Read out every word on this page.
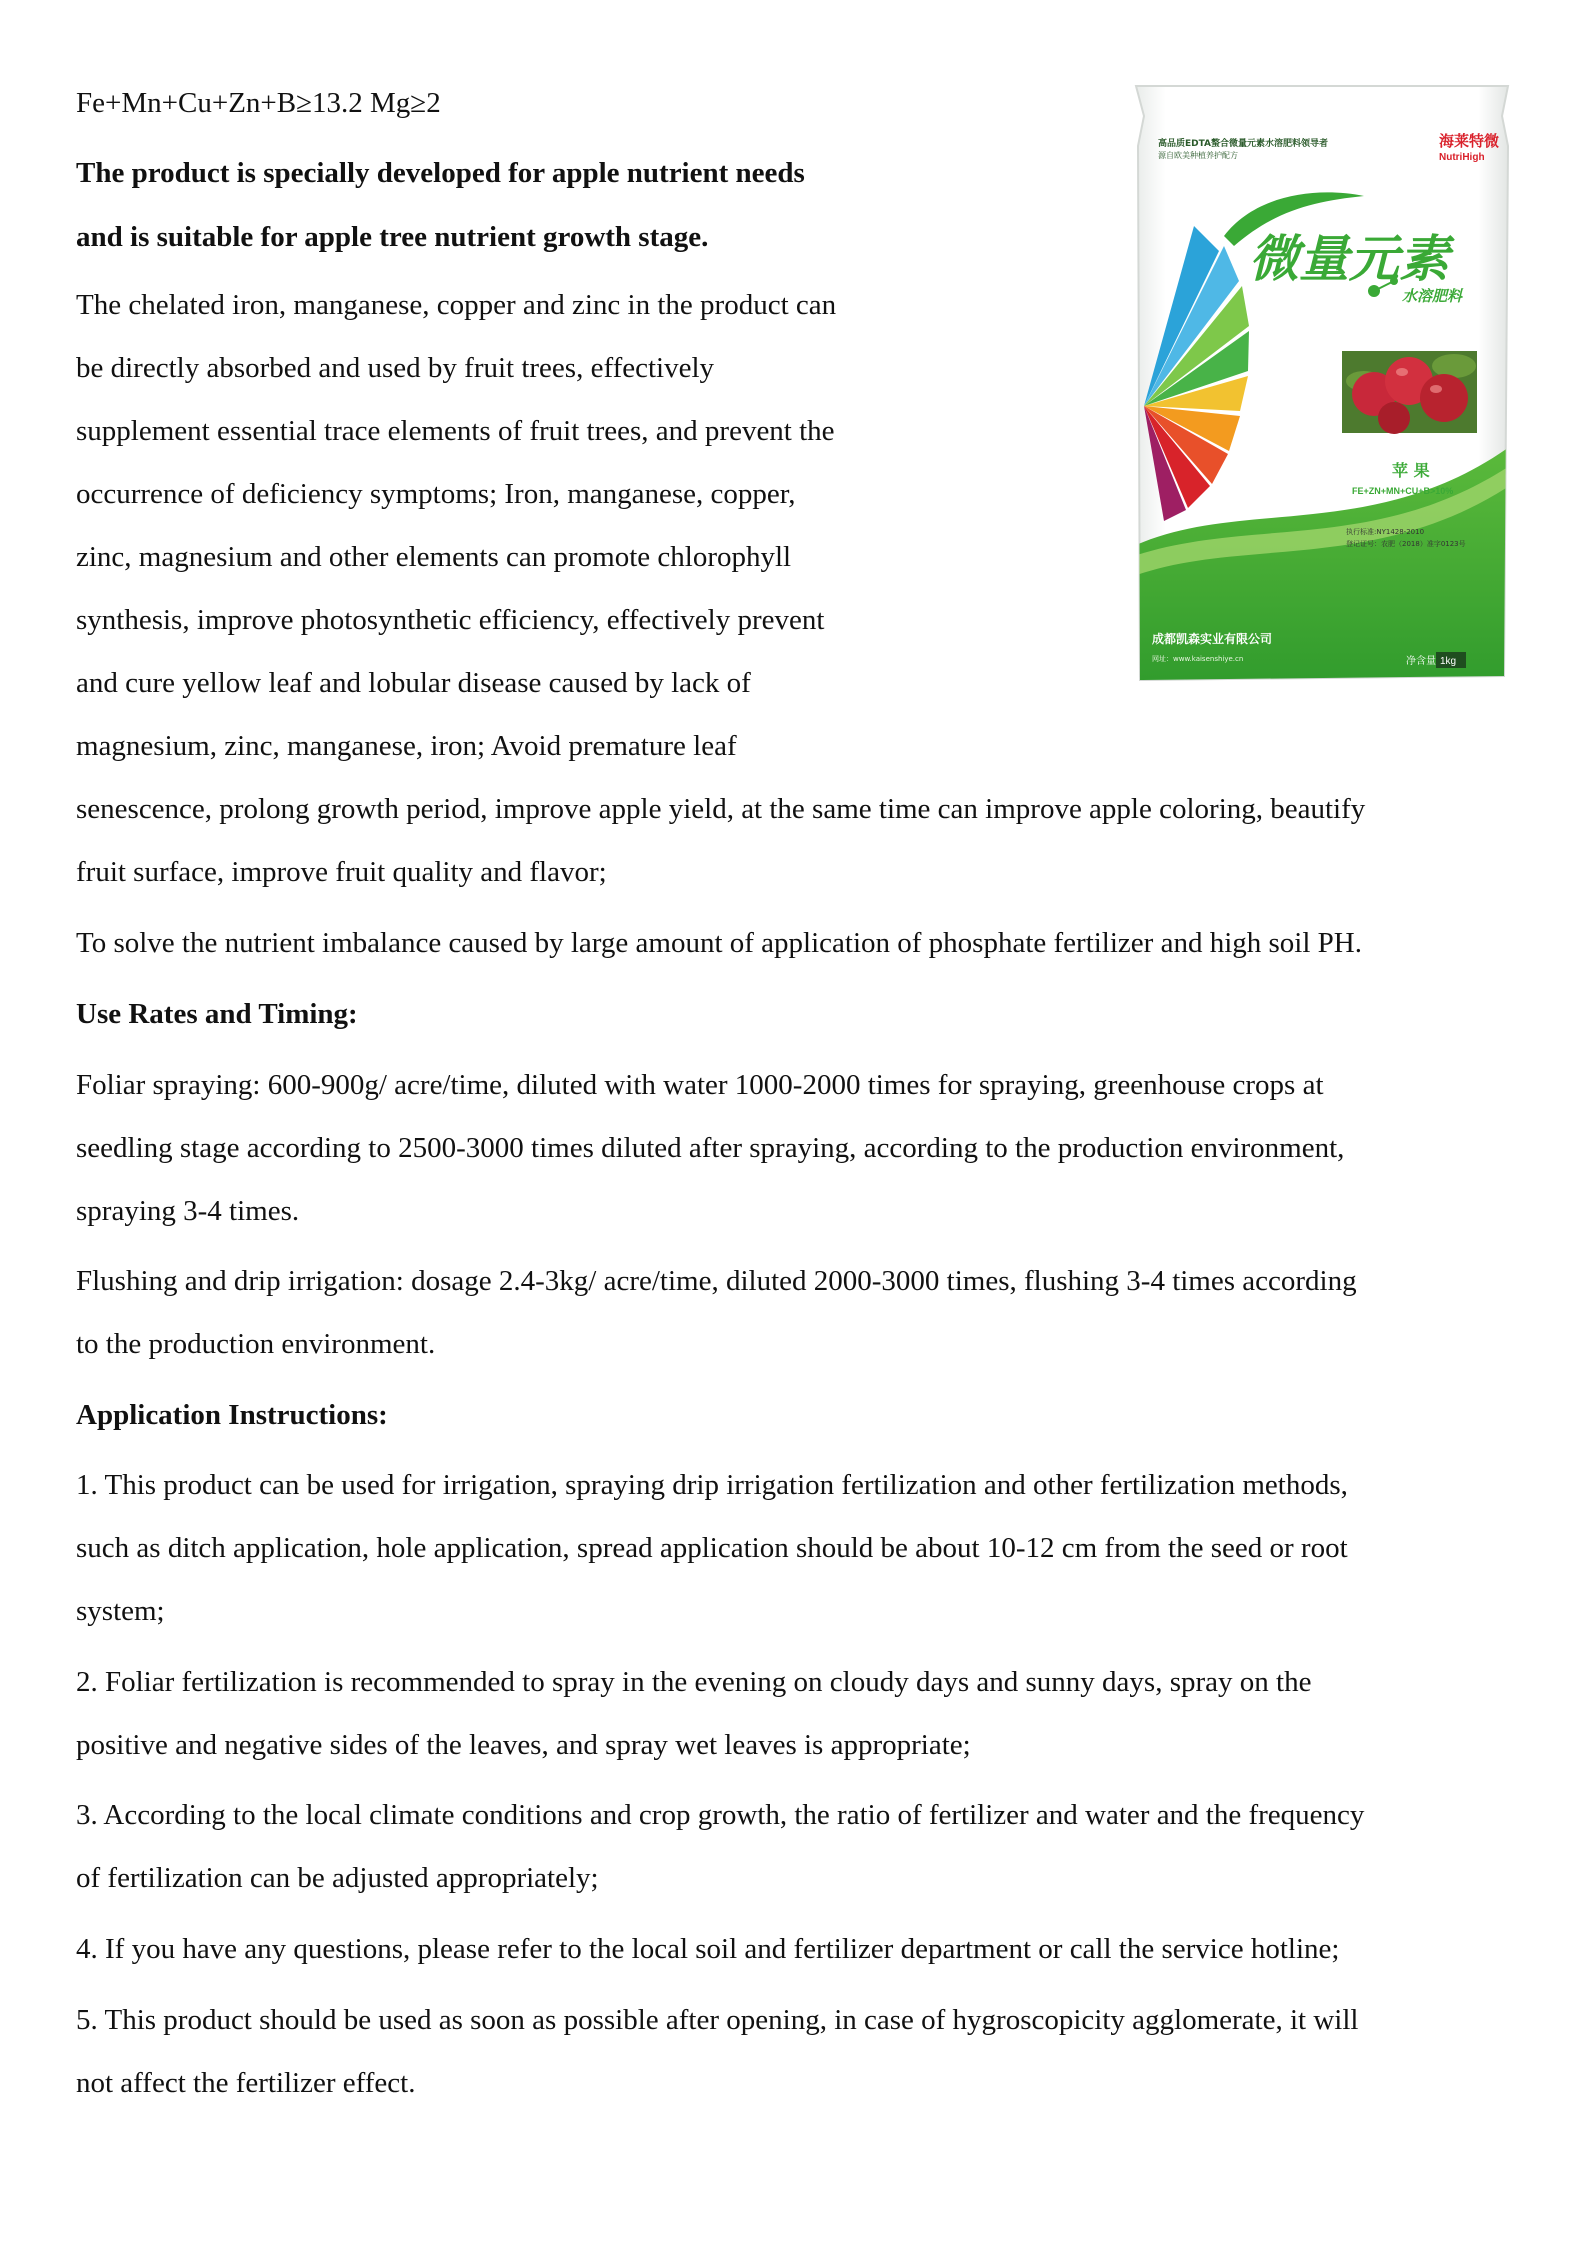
Fe+Mn+Cu+Zn+B≥13.2 Mg≥2

The product is specially developed for apple nutrient needs

and is suitable for apple tree nutrient growth stage.

The chelated iron, manganese, copper and zinc in the product can

be directly absorbed and used by fruit trees, effectively

supplement essential trace elements of fruit trees, and prevent the

occurrence of deficiency symptoms; Iron, manganese, copper,

zinc, magnesium and other elements can promote chlorophyll

synthesis, improve photosynthetic efficiency, effectively prevent

and cure yellow leaf and lobular disease caused by lack of

magnesium, zinc, manganese, iron; Avoid premature leaf

senescence, prolong growth period, improve apple yield, at the same time can improve apple coloring, beautify

fruit surface, improve fruit quality and flavor;

To solve the nutrient imbalance caused by large amount of application of phosphate fertilizer and high soil PH.

Use Rates and Timing:

Foliar spraying: 600-900g/ acre/time, diluted with water 1000-2000 times for spraying, greenhouse crops at

seedling stage according to 2500-3000 times diluted after spraying, according to the production environment,

spraying 3-4 times.

Flushing and drip irrigation: dosage 2.4-3kg/ acre/time, diluted 2000-3000 times, flushing 3-4 times according

to the production environment.

Application Instructions:

1. This product can be used for irrigation, spraying drip irrigation fertilization and other fertilization methods,

such as ditch application, hole application, spread application should be about 10-12 cm from the seed or root

system;

2. Foliar fertilization is recommended to spray in the evening on cloudy days and sunny days, spray on the

positive and negative sides of the leaves, and spray wet leaves is appropriate;

3. According to the local climate conditions and crop growth, the ratio of fertilizer and water and the frequency

of fertilization can be adjusted appropriately;

4. If you have any questions, please refer to the local soil and fertilizer department or call the service hotline;

5. This product should be used as soon as possible after opening, in case of hygroscopicity agglomerate, it will

not affect the fertilizer effect.

高品质EDTA螯合微量元素水溶肥料领导者
源自欧美种植养护配方
海莱特微
NutriHigh
微量元素
水溶肥料
苹 果
FE+ZN+MN+CU+B>10%
执行标准:NY1428-2010
登记证号：农肥（2018）准字0123号
成都凯森实业有限公司
网址：www.kaisenshiye.cn	净含量 1kg
